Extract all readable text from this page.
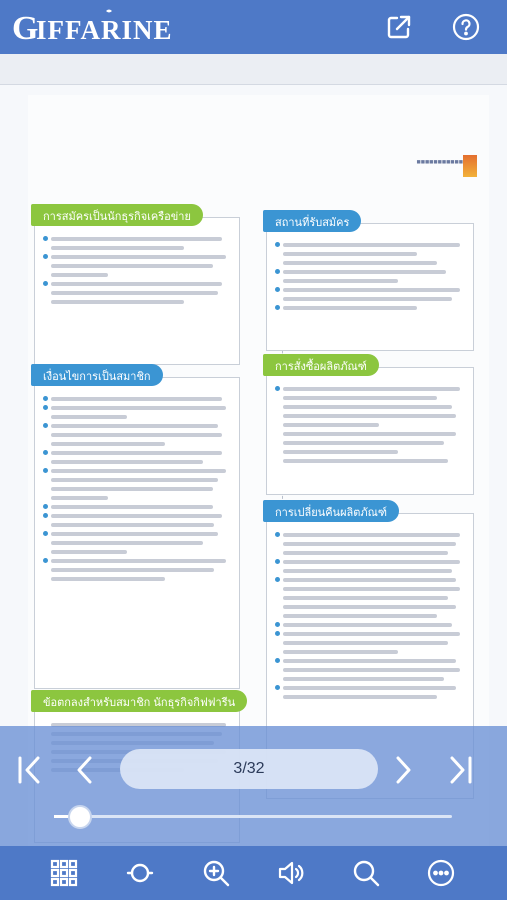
G
IFFARINE
■■■■■■■■■■■
การสมัครเป็นนักธุรกิจเครือข่าย	สถานที่รับสมัคร
เงื่อนไขการเป็นสมาชิก
การสั่งซื้อผลิตภัณฑ์
การเปลี่ยนคืนผลิตภัณฑ์
ข้อตกลงสำหรับสมาชิก นักธุรกิจกิฟฟารีน
3/32
